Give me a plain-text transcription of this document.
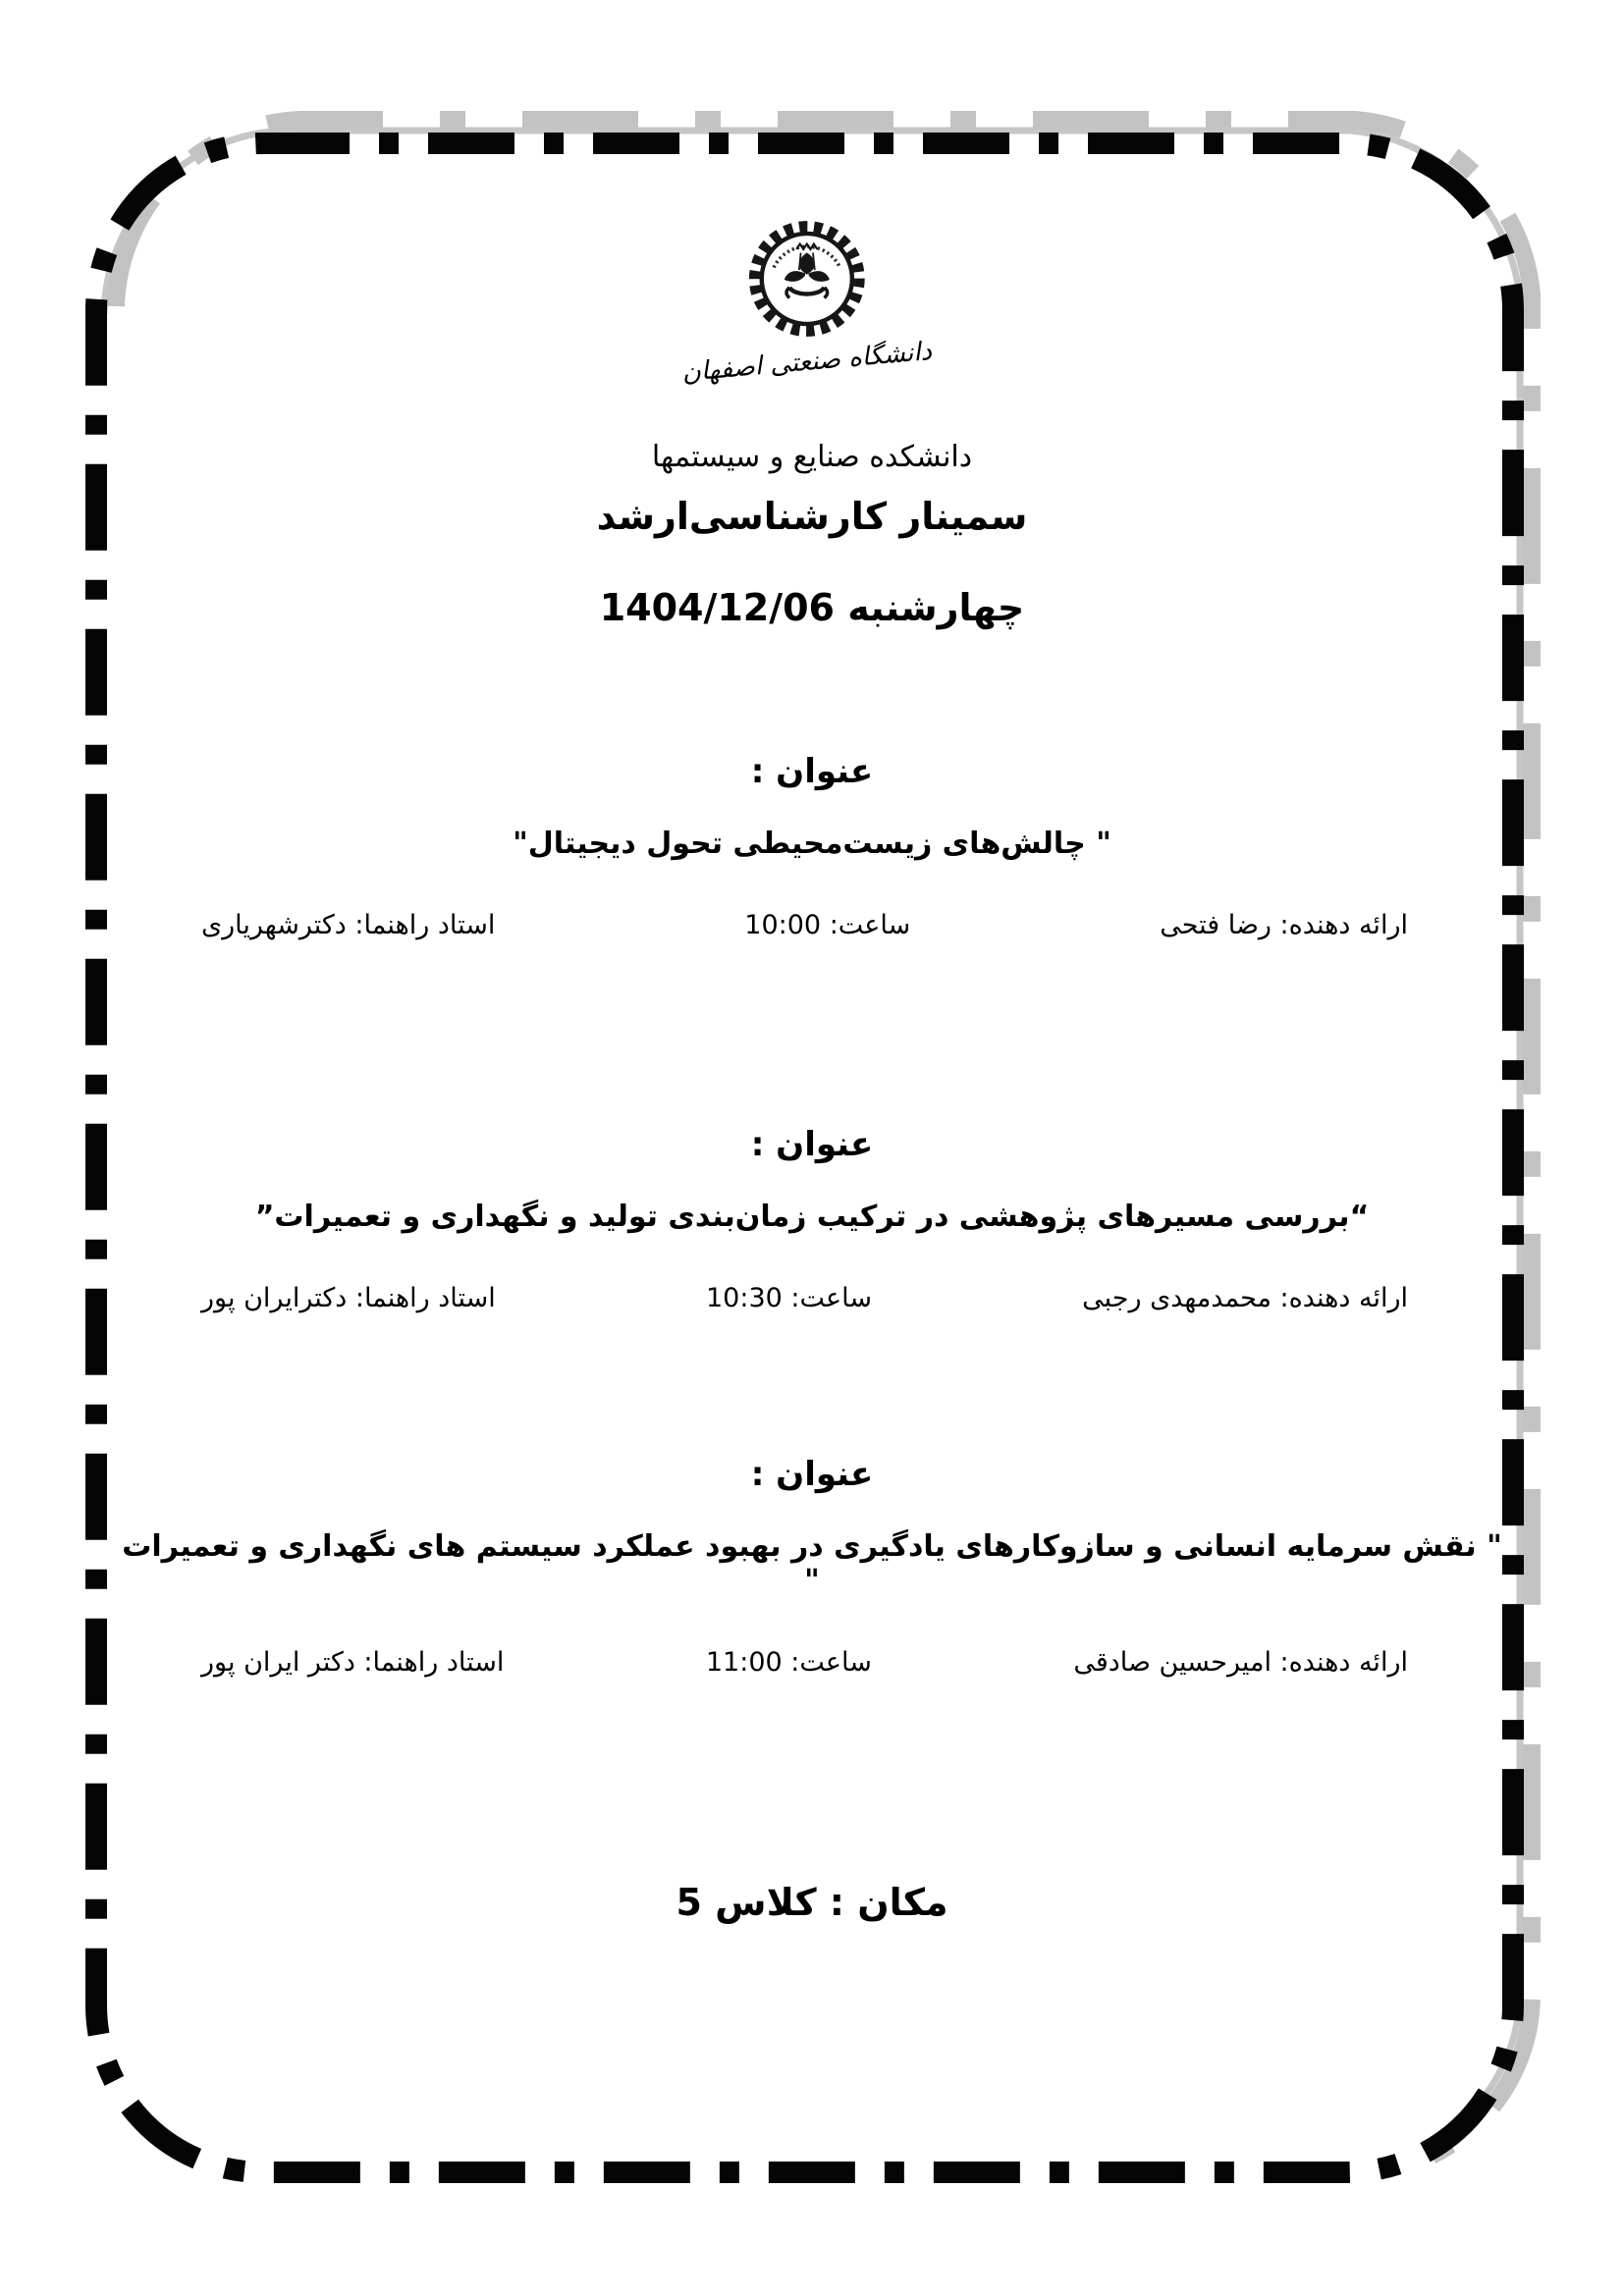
دانشگاه صنعتی اصفهان
دانشکده صنایع و سیستمها
سمینار کارشناسی‌ارشد
چهارشنبه 1404/12/06
عنوان :
" چالش‌های زیست‌محیطی تحول دیجیتال"
ارائه دهنده: رضا فتحی
ساعت: 10:00
استاد راهنما: دکترشهریاری
عنوان :
“بررسی مسیرهای پژوهشی در ترکیب زمان‌بندی تولید و نگهداری و تعمیرات”
ارائه دهنده: محمدمهدی رجبی
ساعت: 10:30
استاد راهنما: دکترایران پور
عنوان :
" نقش سرمایه انسانی و سازوکارهای یادگیری در بهبود عملکرد سیستم های نگهداری و تعمیرات "
ارائه دهنده: امیرحسین صادقی
ساعت: 11:00
استاد راهنما: دکتر ایران پور
مکان : کلاس 5
